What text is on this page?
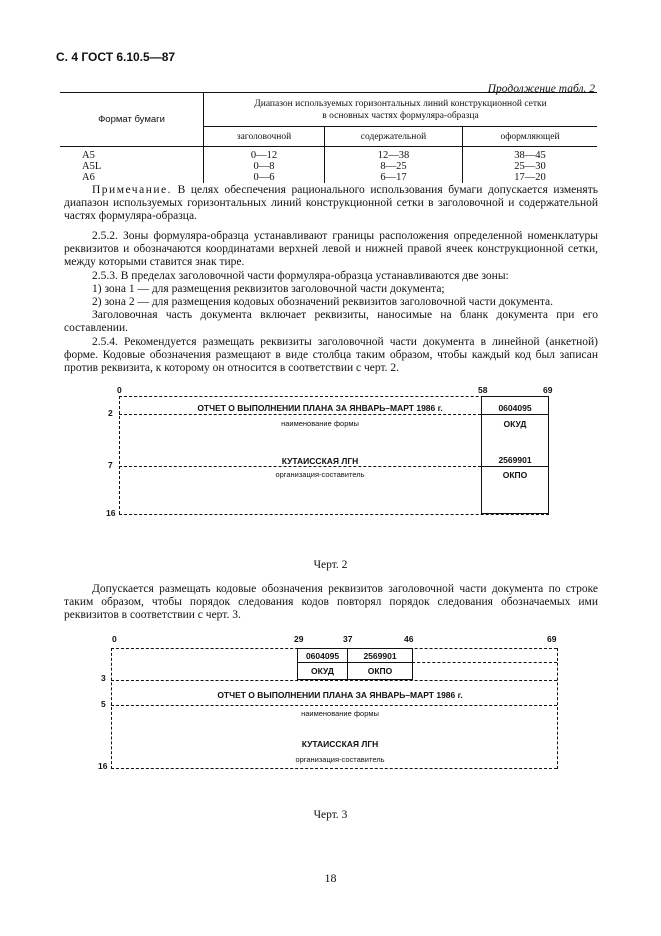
С. 4 ГОСТ 6.10.5—87
Продолжение табл. 2
Формат бумаги	Диапазон используемых горизонтальных линий конструкционной сетки
в основных частях формуляра-образца		

	заголовочной	содержательной	оформляющей
A5	0—12	12—38	38—45
A5L	0—8	8—25	25—30
A6	0—6	6—17	17—20

Примечание. В целях обеспечения рационального использования бумаги допускается изменять диапазон используемых горизонтальных линий конструкционной сетки в заголовочной и содержательной частях формуляра-образца.

2.5.2. Зоны формуляра-образца устанавливают границы расположения определенной номенклатуры реквизитов и обозначаются координатами верхней левой и нижней правой ячеек конструкционной сетки, между которыми ставится знак тире.

2.5.3. В пределах заголовочной части формуляра-образца устанавливаются две зоны:

1) зона 1 — для размещения реквизитов заголовочной части документа;

2) зона 2 — для размещения кодовых обозначений реквизитов заголовочной части документа.

Заголовочная часть документа включает реквизиты, наносимые на бланк документа при его составлении.

2.5.4. Рекомендуется размещать реквизиты заголовочной части документа в линейной (анкетной) форме. Кодовые обозначения размещают в виде столбца таким образом, чтобы каждый код был записан против реквизита, к которому он относится в соответствии с черт. 2.

0	58	69
2
7
16
ОТЧЕТ О ВЫПОЛНЕНИИ ПЛАНА ЗА ЯНВАРЬ–МАРТ 1986 г.
наименование формы
КУТАИССКАЯ ЛГН
организация-составитель
0604095
ОКУД
2569901
ОКПО
Черт. 2

Допускается размещать кодовые обозначения реквизитов заголовочной части документа по строке таким образом, чтобы порядок следования кодов повторял порядок следования обозначаемых ими реквизитов в соответствии с черт. 3.

0	29	37	46	69
3
5
16
0604095
ОКУД
2569901
ОКПО
ОТЧЕТ О ВЫПОЛНЕНИИ ПЛАНА ЗА ЯНВАРЬ–МАРТ 1986 г.
наименование формы
КУТАИССКАЯ ЛГН
организация-составитель
Черт. 3
18
